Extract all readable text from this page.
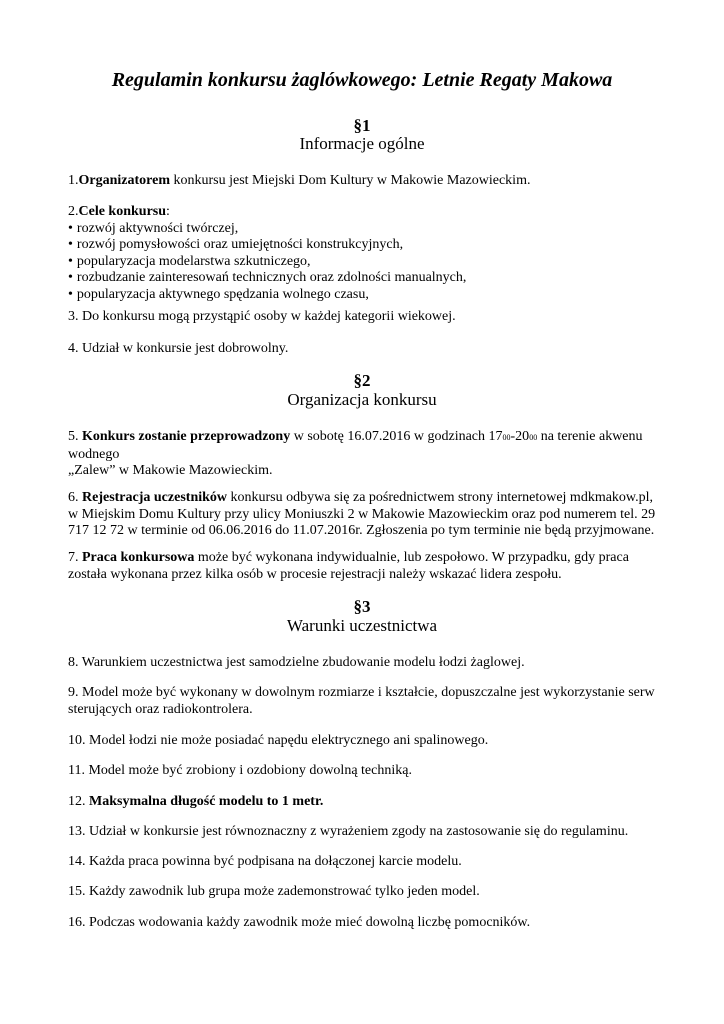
Regulamin konkursu żaglówkowego: Letnie Regaty Makowa
§1
Informacje ogólne

1.Organizatorem konkursu jest Miejski Dom Kultury w Makowie Mazowieckim.

2.Cele konkursu:
• rozwój aktywności twórczej,
• rozwój pomysłowości oraz umiejętności konstrukcyjnych,
• popularyzacja modelarstwa szkutniczego,
• rozbudzanie zainteresowań technicznych oraz zdolności manualnych,
• popularyzacja aktywnego spędzania wolnego czasu,

3. Do konkursu mogą przystąpić osoby w każdej kategorii wiekowej.

4. Udział w konkursie jest dobrowolny.

§2
Organizacja konkursu
5. Konkurs zostanie przeprowadzony w sobotę 16.07.2016 w godzinach 1700-2000 na terenie akwenu
wodnego
„Zalew” w Makowie Mazowieckim.

6. Rejestracja uczestników konkursu odbywa się za pośrednictwem strony internetowej mdkmakow.pl, w Miejskim Domu Kultury przy ulicy Moniuszki 2 w Makowie Mazowieckim oraz pod numerem tel. 29 717 12 72 w terminie od 06.06.2016 do 11.07.2016r. Zgłoszenia po tym terminie nie będą przyjmowane.

7. Praca konkursowa może być wykonana indywidualnie, lub zespołowo. W przypadku, gdy praca została wykonana przez kilka osób w procesie rejestracji należy wskazać lidera zespołu.

§3
Warunki uczestnictwa

8. Warunkiem uczestnictwa jest samodzielne zbudowanie modelu łodzi żaglowej.

9. Model może być wykonany w dowolnym rozmiarze i kształcie, dopuszczalne jest wykorzystanie serw sterujących oraz radiokontrolera.

10. Model łodzi nie może posiadać napędu elektrycznego ani spalinowego.

11. Model może być zrobiony i ozdobiony dowolną techniką.

12. Maksymalna długość modelu to 1 metr.

13. Udział w konkursie jest równoznaczny z wyrażeniem zgody na zastosowanie się do regulaminu.

14. Każda praca powinna być podpisana na dołączonej karcie modelu.

15. Każdy zawodnik lub grupa może zademonstrować tylko jeden model.

16. Podczas wodowania każdy zawodnik może mieć dowolną liczbę pomocników.
